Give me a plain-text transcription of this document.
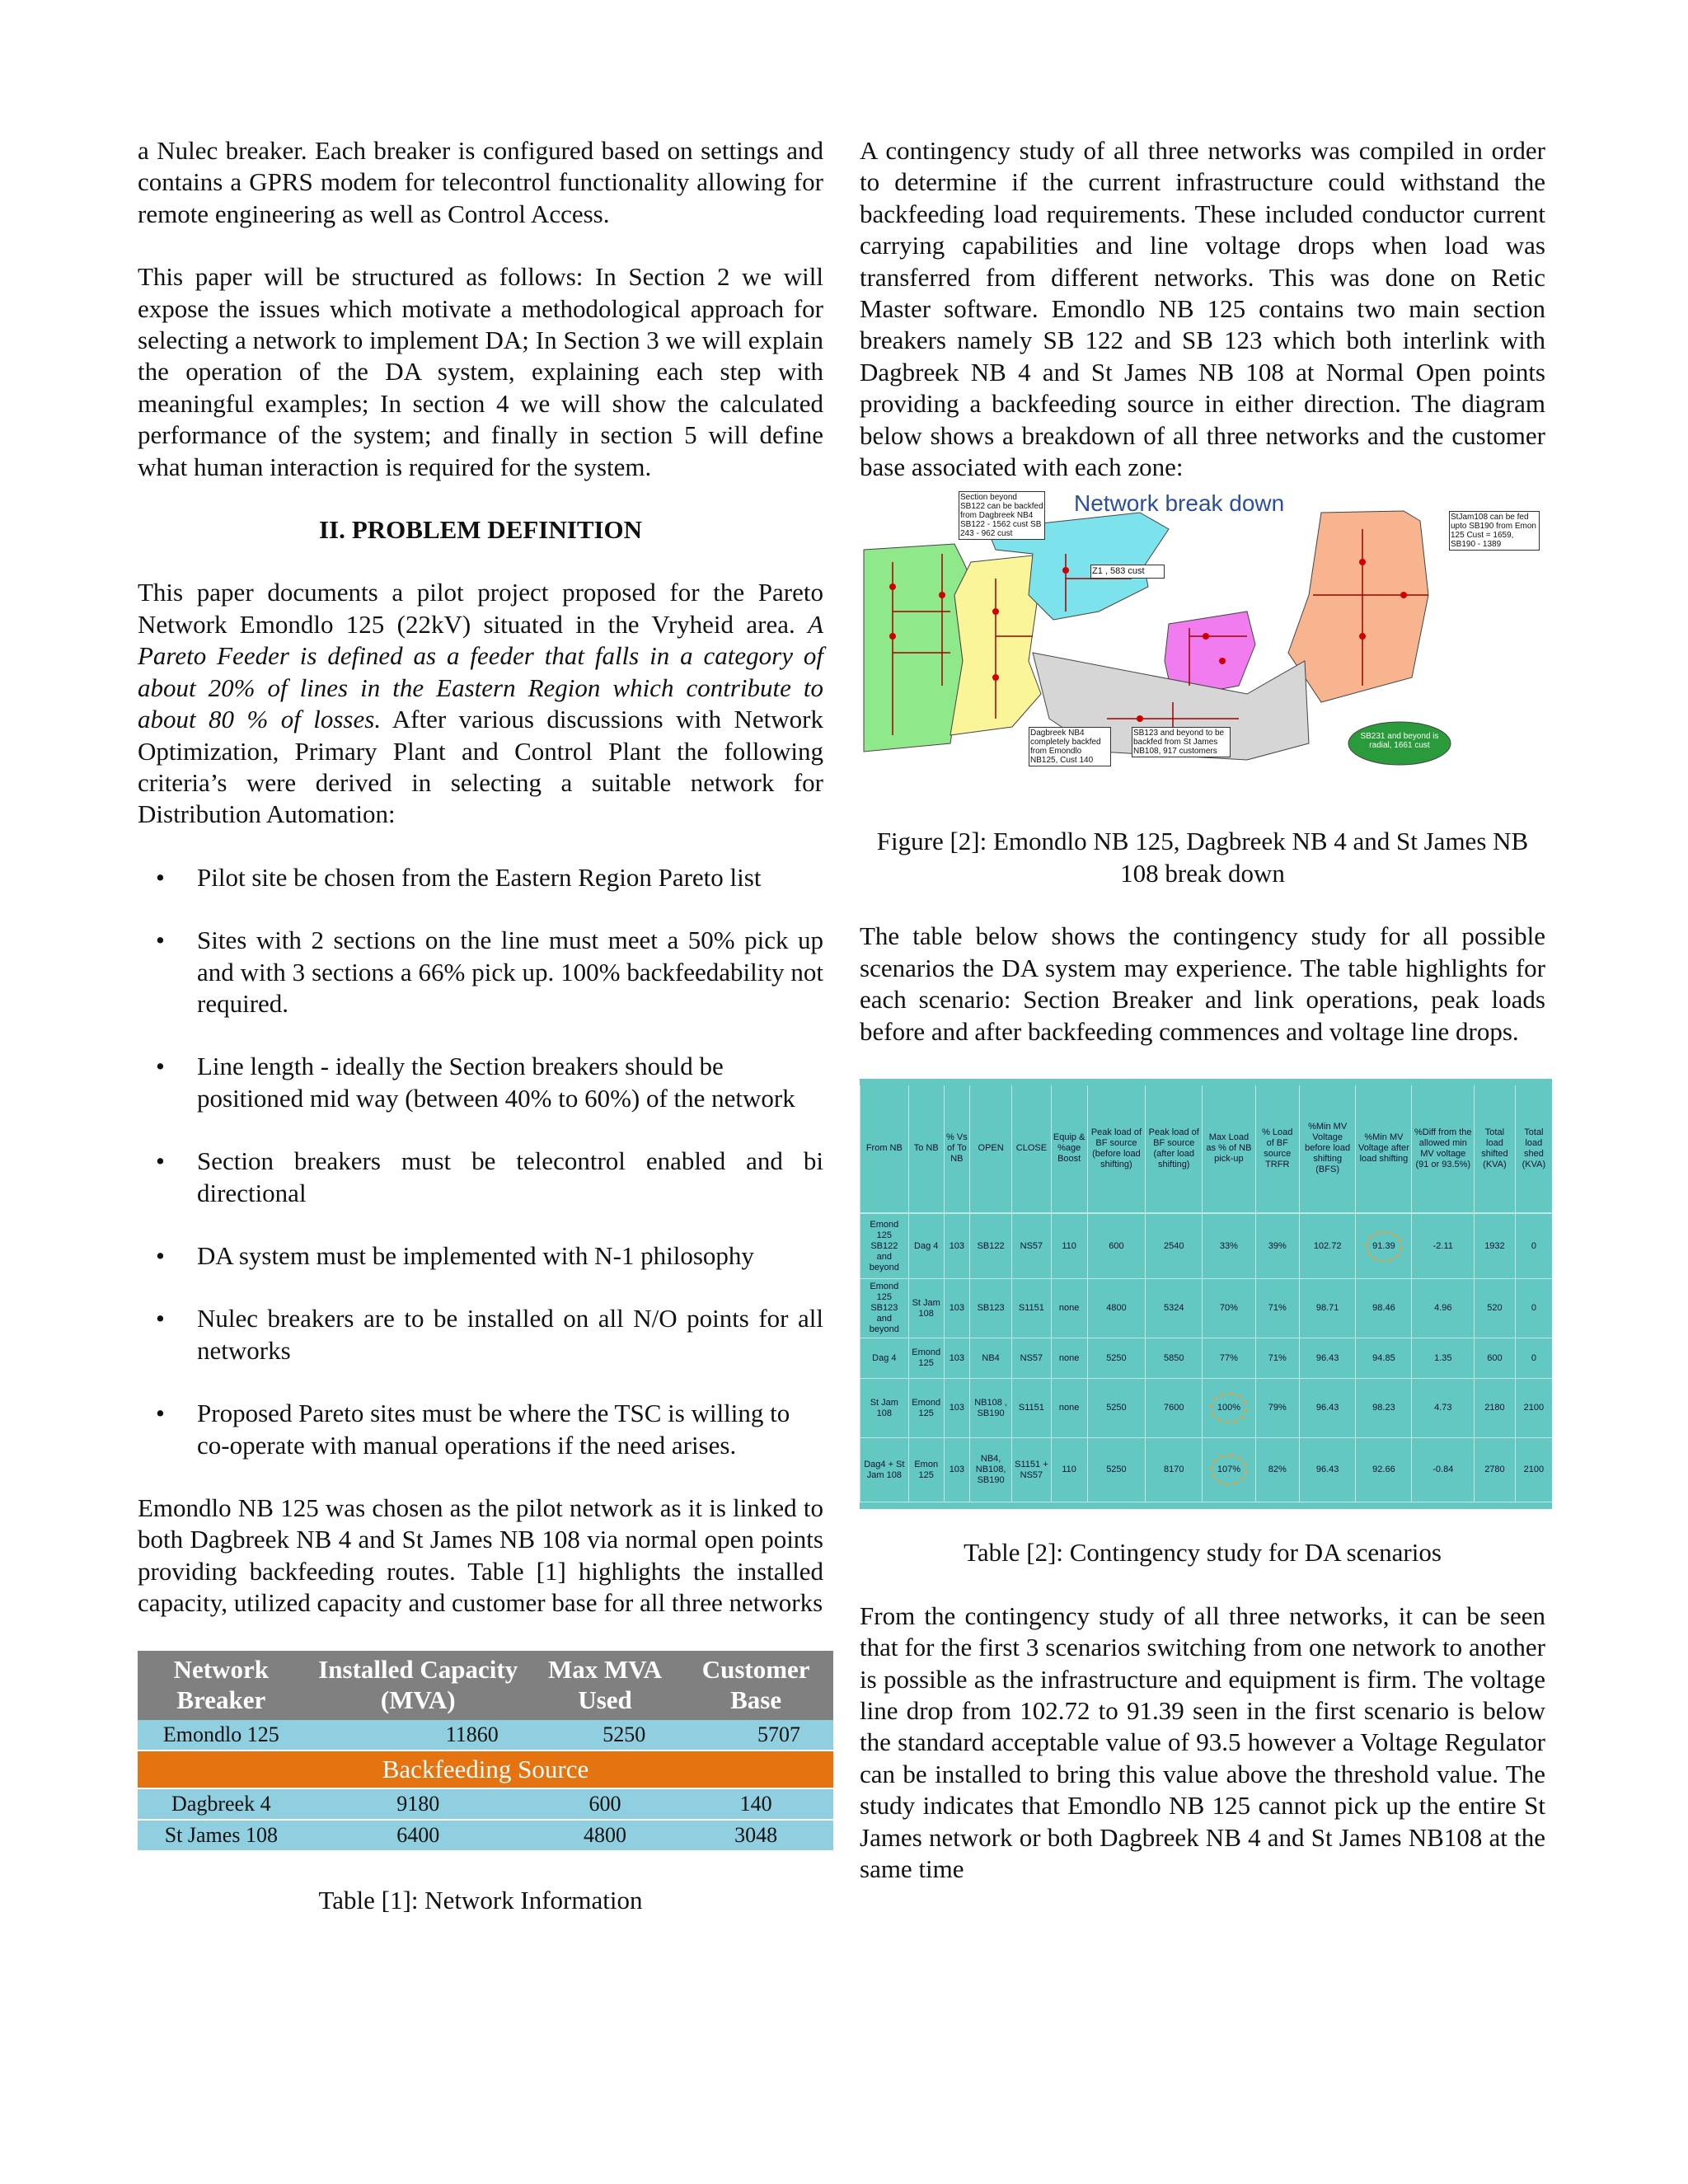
a Nulec breaker. Each breaker is configured based on settings and contains a GPRS modem for telecontrol functionality allowing for remote engineering as well as Control Access.

This paper will be structured as follows: In Section 2 we will expose the issues which motivate a methodological approach for selecting a network to implement DA; In Section 3 we will explain the operation of the DA system, explaining each step with meaningful examples; In section 4 we will show the calculated performance of the system; and finally in section 5 will define what human interaction is required for the system.

II. PROBLEM DEFINITION

This paper documents a pilot project proposed for the Pareto Network Emondlo 125 (22kV) situated in the Vryheid area. A Pareto Feeder is defined as a feeder that falls in a category of about 20% of lines in the Eastern Region which contribute to about 80 % of losses. After various discussions with Network Optimization, Primary Plant and Control Plant the following criteria’s were derived in selecting a suitable network for Distribution Automation:

• Pilot site be chosen from the Eastern Region Pareto list
• Sites with 2 sections on the line must meet a 50% pick up and with 3 sections a 66% pick up. 100% backfeedability not required.
• Line length - ideally the Section breakers should be positioned mid way (between 40% to 60%) of the network
• Section breakers must be telecontrol enabled and bi directional
• DA system must be implemented with N-1 philosophy
• Nulec breakers are to be installed on all N/O points for all networks
• Proposed Pareto sites must be where the TSC is willing to co-operate with manual operations if the need arises.

Emondlo NB 125 was chosen as the pilot network as it is linked to both Dagbreek NB 4 and St James NB 108 via normal open points providing backfeeding routes. Table [1] highlights the installed capacity, utilized capacity and customer base for all three networks

Network Breaker	Installed Capacity (MVA)	Max MVA Used	Customer Base
Emondlo 125	11860	5250	5707
Backfeeding Source			
Dagbreek 4	9180	600	140
St James 108	6400	4800	3048

Table [1]: Network Information

A contingency study of all three networks was compiled in order to determine if the current infrastructure could withstand the backfeeding load requirements. These included conductor current carrying capabilities and line voltage drops when load was transferred from different networks. This was done on Retic Master software. Emondlo NB 125 contains two main section breakers namely SB 122 and SB 123 which both interlink with Dagbreek NB 4 and St James NB 108 at Normal Open points providing a backfeeding source in either direction. The diagram below shows a breakdown of all three networks and the customer base associated with each zone:

Network break down
Section beyond SB122 can be backfed from Dagbreek NB4 SB122 - 1562 cust SB 243 - 962 cust
StJam108 can be fed upto SB190 from Emon 125 Cust = 1659, SB190 - 1389
Z1 , 583 cust
Dagbreek NB4 completely backfed from Emondlo NB125, Cust 140
SB123 and beyond to be backfed from St James NB108, 917 customers
SB231 and beyond is radial, 1661 cust

Figure [2]: Emondlo NB 125, Dagbreek NB 4 and St James NB 108 break down

The table below shows the contingency study for all possible scenarios the DA system may experience. The table highlights for each scenario: Section Breaker and link operations, peak loads before and after backfeeding commences and voltage line drops.

From NB	To NB	% Vs of To NB	OPEN	CLOSE	Equip & %age Boost	Peak load of BF source (before load shifting)	Peak load of BF source (after load shifting)	Max Load as % of NB pick-up	% Load of BF source TRFR	%Min MV Voltage before load shifting (BFS)	%Min MV Voltage after load shifting	%Diff from the allowed min MV voltage (91 or 93.5%)	Total load shifted (KVA)	Total load shed (KVA)
Emond 125 SB122 and beyond	Dag 4	103	SB122	NS57	110	600	2540	33%	39%	102.72	91.39	-2.11	1932	0
Emond 125 SB123 and beyond	St Jam 108	103	SB123	S1151	none	4800	5324	70%	71%	98.71	98.46	4.96	520	0
Dag 4	Emond 125	103	NB4	NS57	none	5250	5850	77%	71%	96.43	94.85	1.35	600	0
St Jam 108	Emond 125	103	NB108 , SB190	S1151	none	5250	7600	100%	79%	96.43	98.23	4.73	2180	2100
Dag4 + St Jam 108	Emon 125	103	NB4, NB108, SB190	S1151 + NS57	110	5250	8170	107%	82%	96.43	92.66	-0.84	2780	2100

Table [2]: Contingency study for DA scenarios

From the contingency study of all three networks, it can be seen that for the first 3 scenarios switching from one network to another is possible as the infrastructure and equipment is firm. The voltage line drop from 102.72 to 91.39 seen in the first scenario is below the standard acceptable value of 93.5 however a Voltage Regulator can be installed to bring this value above the threshold value. The study indicates that Emondlo NB 125 cannot pick up the entire St James network or both Dagbreek NB 4 and St James NB108 at the same time
